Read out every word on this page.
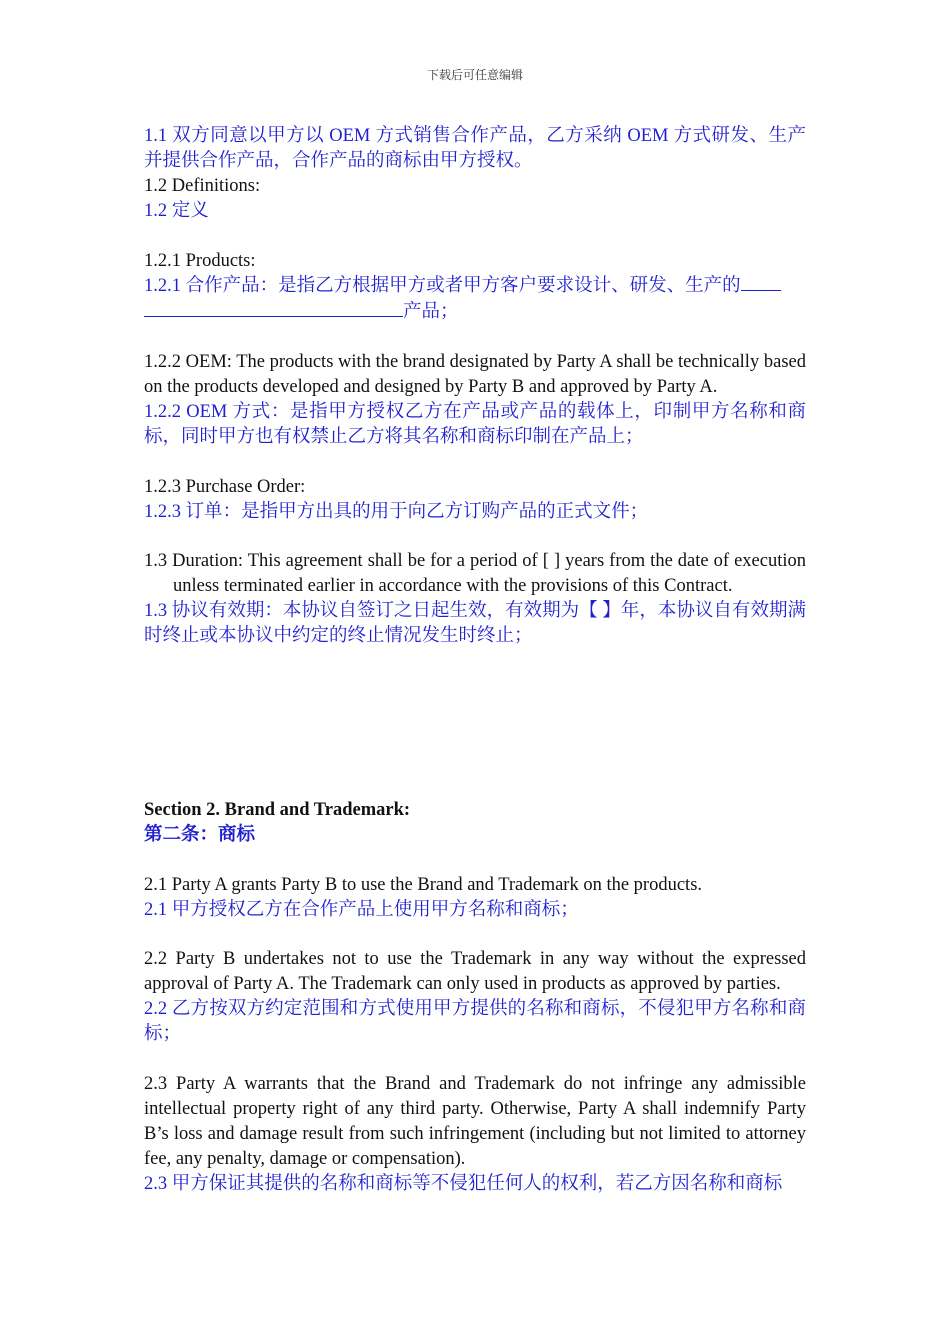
下载后可任意编辑

1.1 双方同意以甲方以 OEM 方式销售合作产品，乙方采纳 OEM 方式研发、生产并提供合作产品，合作产品的商标由甲方授权。

1.2 Definitions:

1.2 定义

1.2.1 Products:

1.2.1 合作产品：是指乙方根据甲方或者甲方客户要求设计、研发、生产的
产品；

1.2.2 OEM: The products with the brand designated by Party A shall be technically based on the products developed and designed by Party B and approved by Party A.

1.2.2 OEM 方式：是指甲方授权乙方在产品或产品的载体上，印制甲方名称和商标，同时甲方也有权禁止乙方将其名称和商标印制在产品上；

1.2.3 Purchase Order:

1.2.3 订单：是指甲方出具的用于向乙方订购产品的正式文件；

1.3 Duration: This agreement shall be for a period of [ ] years from the date of execution unless terminated earlier in accordance with the provisions of this Contract.

1.3 协议有效期：本协议自签订之日起生效，有效期为【 】年，本协议自有效期满时终止或本协议中约定的终止情况发生时终止；

Section 2. Brand and Trademark:

第二条：商标

2.1 Party A grants Party B to use the Brand and Trademark on the products.

2.1 甲方授权乙方在合作产品上使用甲方名称和商标；

2.2 Party B undertakes not to use the Trademark in any way without the expressed approval of Party A. The Trademark can only used in products as approved by parties.

2.2 乙方按双方约定范围和方式使用甲方提供的名称和商标，不侵犯甲方名称和商标；

2.3 Party A warrants that the Brand and Trademark do not infringe any admissible intellectual property right of any third party. Otherwise, Party A shall indemnify Party B’s loss and damage result from such infringement (including but not limited to attorney fee, any penalty, damage or compensation).

2.3 甲方保证其提供的名称和商标等不侵犯任何人的权利，若乙方因名称和商标
